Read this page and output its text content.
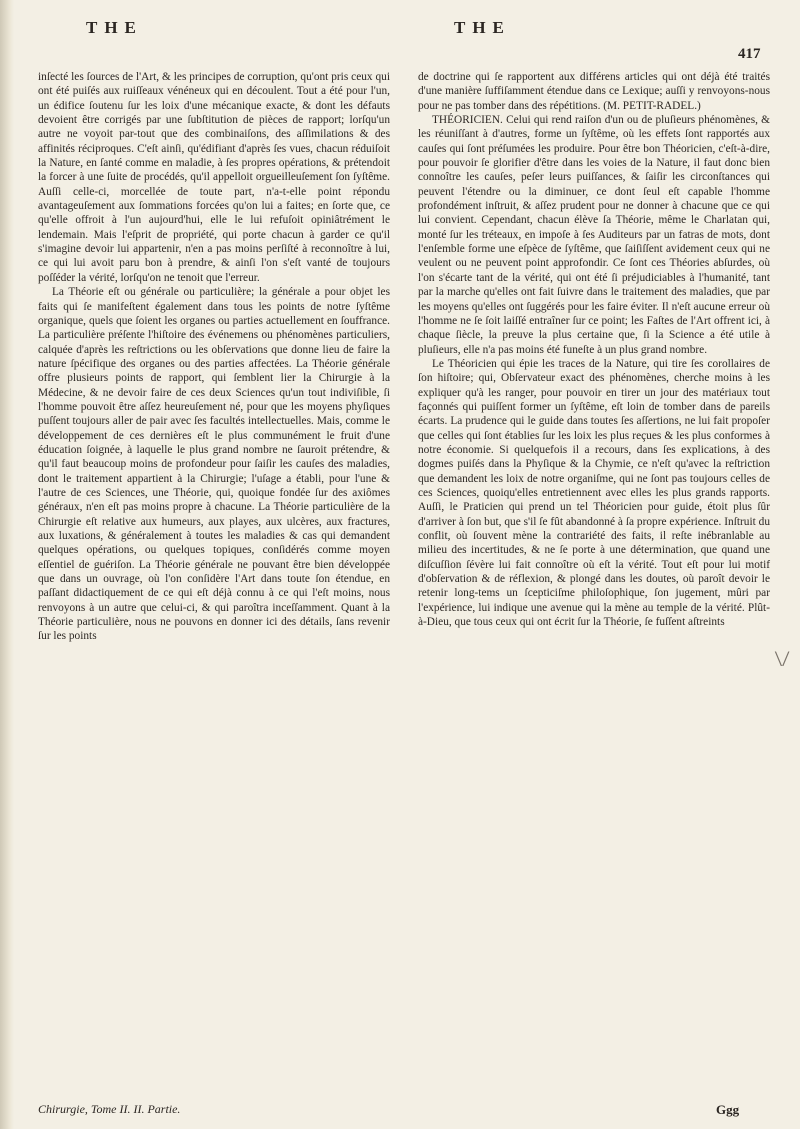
THE	THE
417

inſecté les ſources de l'Art, & les principes de corruption, qu'ont pris ceux qui ont été puiſés aux ruiſſeaux vénéneux qui en découlent. Tout a été pour l'un, un édifice ſoutenu ſur les loix d'une mécanique exacte, & dont les défauts devoient être corrigés par une ſubſtitution de pièces de rapport; lorſqu'un autre ne voyoit par-tout que des combinaiſons, des aſſimilations & des affinités réciproques. C'eſt ainſi, qu'édifiant d'après ſes vues, chacun réduiſoit la Nature, en ſanté comme en maladie, à ſes propres opérations, & prétendoit la forcer à une ſuite de procédés, qu'il appelloit orgueilleuſement ſon ſyſtême. Auſſi celle-ci, morcellée de toute part, n'a-t-elle point répondu avantageuſement aux ſommations forcées qu'on lui a faites; en ſorte que, ce qu'elle offroit à l'un aujourd'hui, elle le lui refuſoit opiniâtrément le lendemain. Mais l'eſprit de propriété, qui porte chacun à garder ce qu'il s'imagine devoir lui appartenir, n'en a pas moins perſiſté à reconnoître à lui, ce qui lui avoit paru bon à prendre, & ainſi l'on s'eſt vanté de toujours poſſéder la vérité, lorſqu'on ne tenoit que l'erreur.

La Théorie eſt ou générale ou particulière; la générale a pour objet les faits qui ſe manifeſtent également dans tous les points de notre ſyſtême organique, quels que ſoient les organes ou parties actuellement en ſouffrance. La particulière préſente l'hiſtoire des événemens ou phénomènes particuliers, calquée d'après les reſtrictions ou les obſervations que donne lieu de faire la nature ſpécifique des organes ou des parties affectées. La Théorie générale offre plusieurs points de rapport, qui ſemblent lier la Chirurgie à la Médecine, & ne devoir faire de ces deux Sciences qu'un tout indiviſible, ſi l'homme pouvoit être aſſez heureuſement né, pour que les moyens phyſiques puſſent toujours aller de pair avec ſes facultés intellectuelles. Mais, comme le développement de ces dernières eſt le plus communément le fruit d'une éducation ſoignée, à laquelle le plus grand nombre ne ſauroit prétendre, & qu'il faut beaucoup moins de profondeur pour ſaiſir les cauſes des maladies, dont le traitement appartient à la Chirurgie; l'uſage a établi, pour l'une & l'autre de ces Sciences, une Théorie, qui, quoique fondée ſur des axiômes généraux, n'en eſt pas moins propre à chacune. La Théorie particulière de la Chirurgie eſt relative aux humeurs, aux playes, aux ulcères, aux fractures, aux luxations, & généralement à toutes les maladies & cas qui demandent quelques opérations, ou quelques topiques, conſidérés comme moyen eſſentiel de guériſon. La Théorie générale ne pouvant être bien développée que dans un ouvrage, où l'on conſidère l'Art dans toute ſon étendue, en paſſant didactiquement de ce qui eſt déjà connu à ce qui l'eſt moins, nous renvoyons à un autre que celui-ci, & qui paroîtra inceſſamment. Quant à la Théorie particulière, nous ne pouvons en donner ici des détails, ſans revenir ſur les points

de doctrine qui ſe rapportent aux différens articles qui ont déjà été traités d'une manière ſuffiſamment étendue dans ce Lexique; auſſi y renvoyons-nous pour ne pas tomber dans des répétitions. (M. PETIT-RADEL.)

THÉORICIEN. Celui qui rend raiſon d'un ou de pluſieurs phénomènes, & les réuniſſant à d'autres, forme un ſyſtême, où les effets ſont rapportés aux cauſes qui ſont préſumées les produire. Pour être bon Théoricien, c'eſt-à-dire, pour pouvoir ſe glorifier d'être dans les voies de la Nature, il faut donc bien connoître les cauſes, peſer leurs puiſſances, & ſaiſir les circonſtances qui peuvent l'étendre ou la diminuer, ce dont ſeul eſt capable l'homme profondément inſtruit, & aſſez prudent pour ne donner à chacune que ce qui lui convient. Cependant, chacun élève ſa Théorie, même le Charlatan qui, monté ſur les tréteaux, en impoſe à ſes Auditeurs par un fatras de mots, dont l'enſemble forme une eſpèce de ſyſtême, que ſaiſiſſent avidement ceux qui ne veulent ou ne peuvent point approfondir. Ce ſont ces Théories abſurdes, où l'on s'écarte tant de la vérité, qui ont été ſi préjudiciables à l'humanité, tant par la marche qu'elles ont fait ſuivre dans le traitement des maladies, que par les moyens qu'elles ont ſuggérés pour les faire éviter. Il n'eſt aucune erreur où l'homme ne ſe ſoit laiſſé entraîner ſur ce point; les Faſtes de l'Art offrent ici, à chaque ſiècle, la preuve la plus certaine que, ſi la Science a été utile à pluſieurs, elle n'a pas moins été funeſte à un plus grand nombre.

Le Théoricien qui épie les traces de la Nature, qui tire ſes corollaires de ſon hiſtoire; qui, Obſervateur exact des phénomènes, cherche moins à les expliquer qu'à les ranger, pour pouvoir en tirer un jour des matériaux tout façonnés qui puiſſent former un ſyſtême, eſt loin de tomber dans de pareils écarts. La prudence qui le guide dans toutes ſes aſſertions, ne lui fait propoſer que celles qui ſont établies ſur les loix les plus reçues & les plus conformes à notre économie. Si quelquefois il a recours, dans ſes explications, à des dogmes puiſés dans la Phyſique & la Chymie, ce n'eſt qu'avec la reſtriction que demandent les loix de notre organiſme, qui ne ſont pas toujours celles de ces Sciences, quoiqu'elles entretiennent avec elles les plus grands rapports. Auſſi, le Praticien qui prend un tel Théoricien pour guide, étoit plus ſûr d'arriver à ſon but, que s'il ſe fût abandonné à ſa propre expérience. Inſtruit du conflit, où ſouvent mène la contrariété des faits, il reſte inébranlable au milieu des incertitudes, & ne ſe porte à une détermination, que quand une diſcuſſion ſévère lui fait connoître où eſt la vérité. Tout eſt pour lui motif d'obſervation & de réflexion, & plongé dans les doutes, où paroît devoir le retenir long-tems un ſcepticiſme philoſophique, ſon jugement, mûri par l'expérience, lui indique une avenue qui la mène au temple de la vérité. Plût-à-Dieu, que tous ceux qui ont écrit ſur la Théorie, ſe fuſſent aſtreints

\/
Chirurgie, Tome II. II. Partie.	Ggg
